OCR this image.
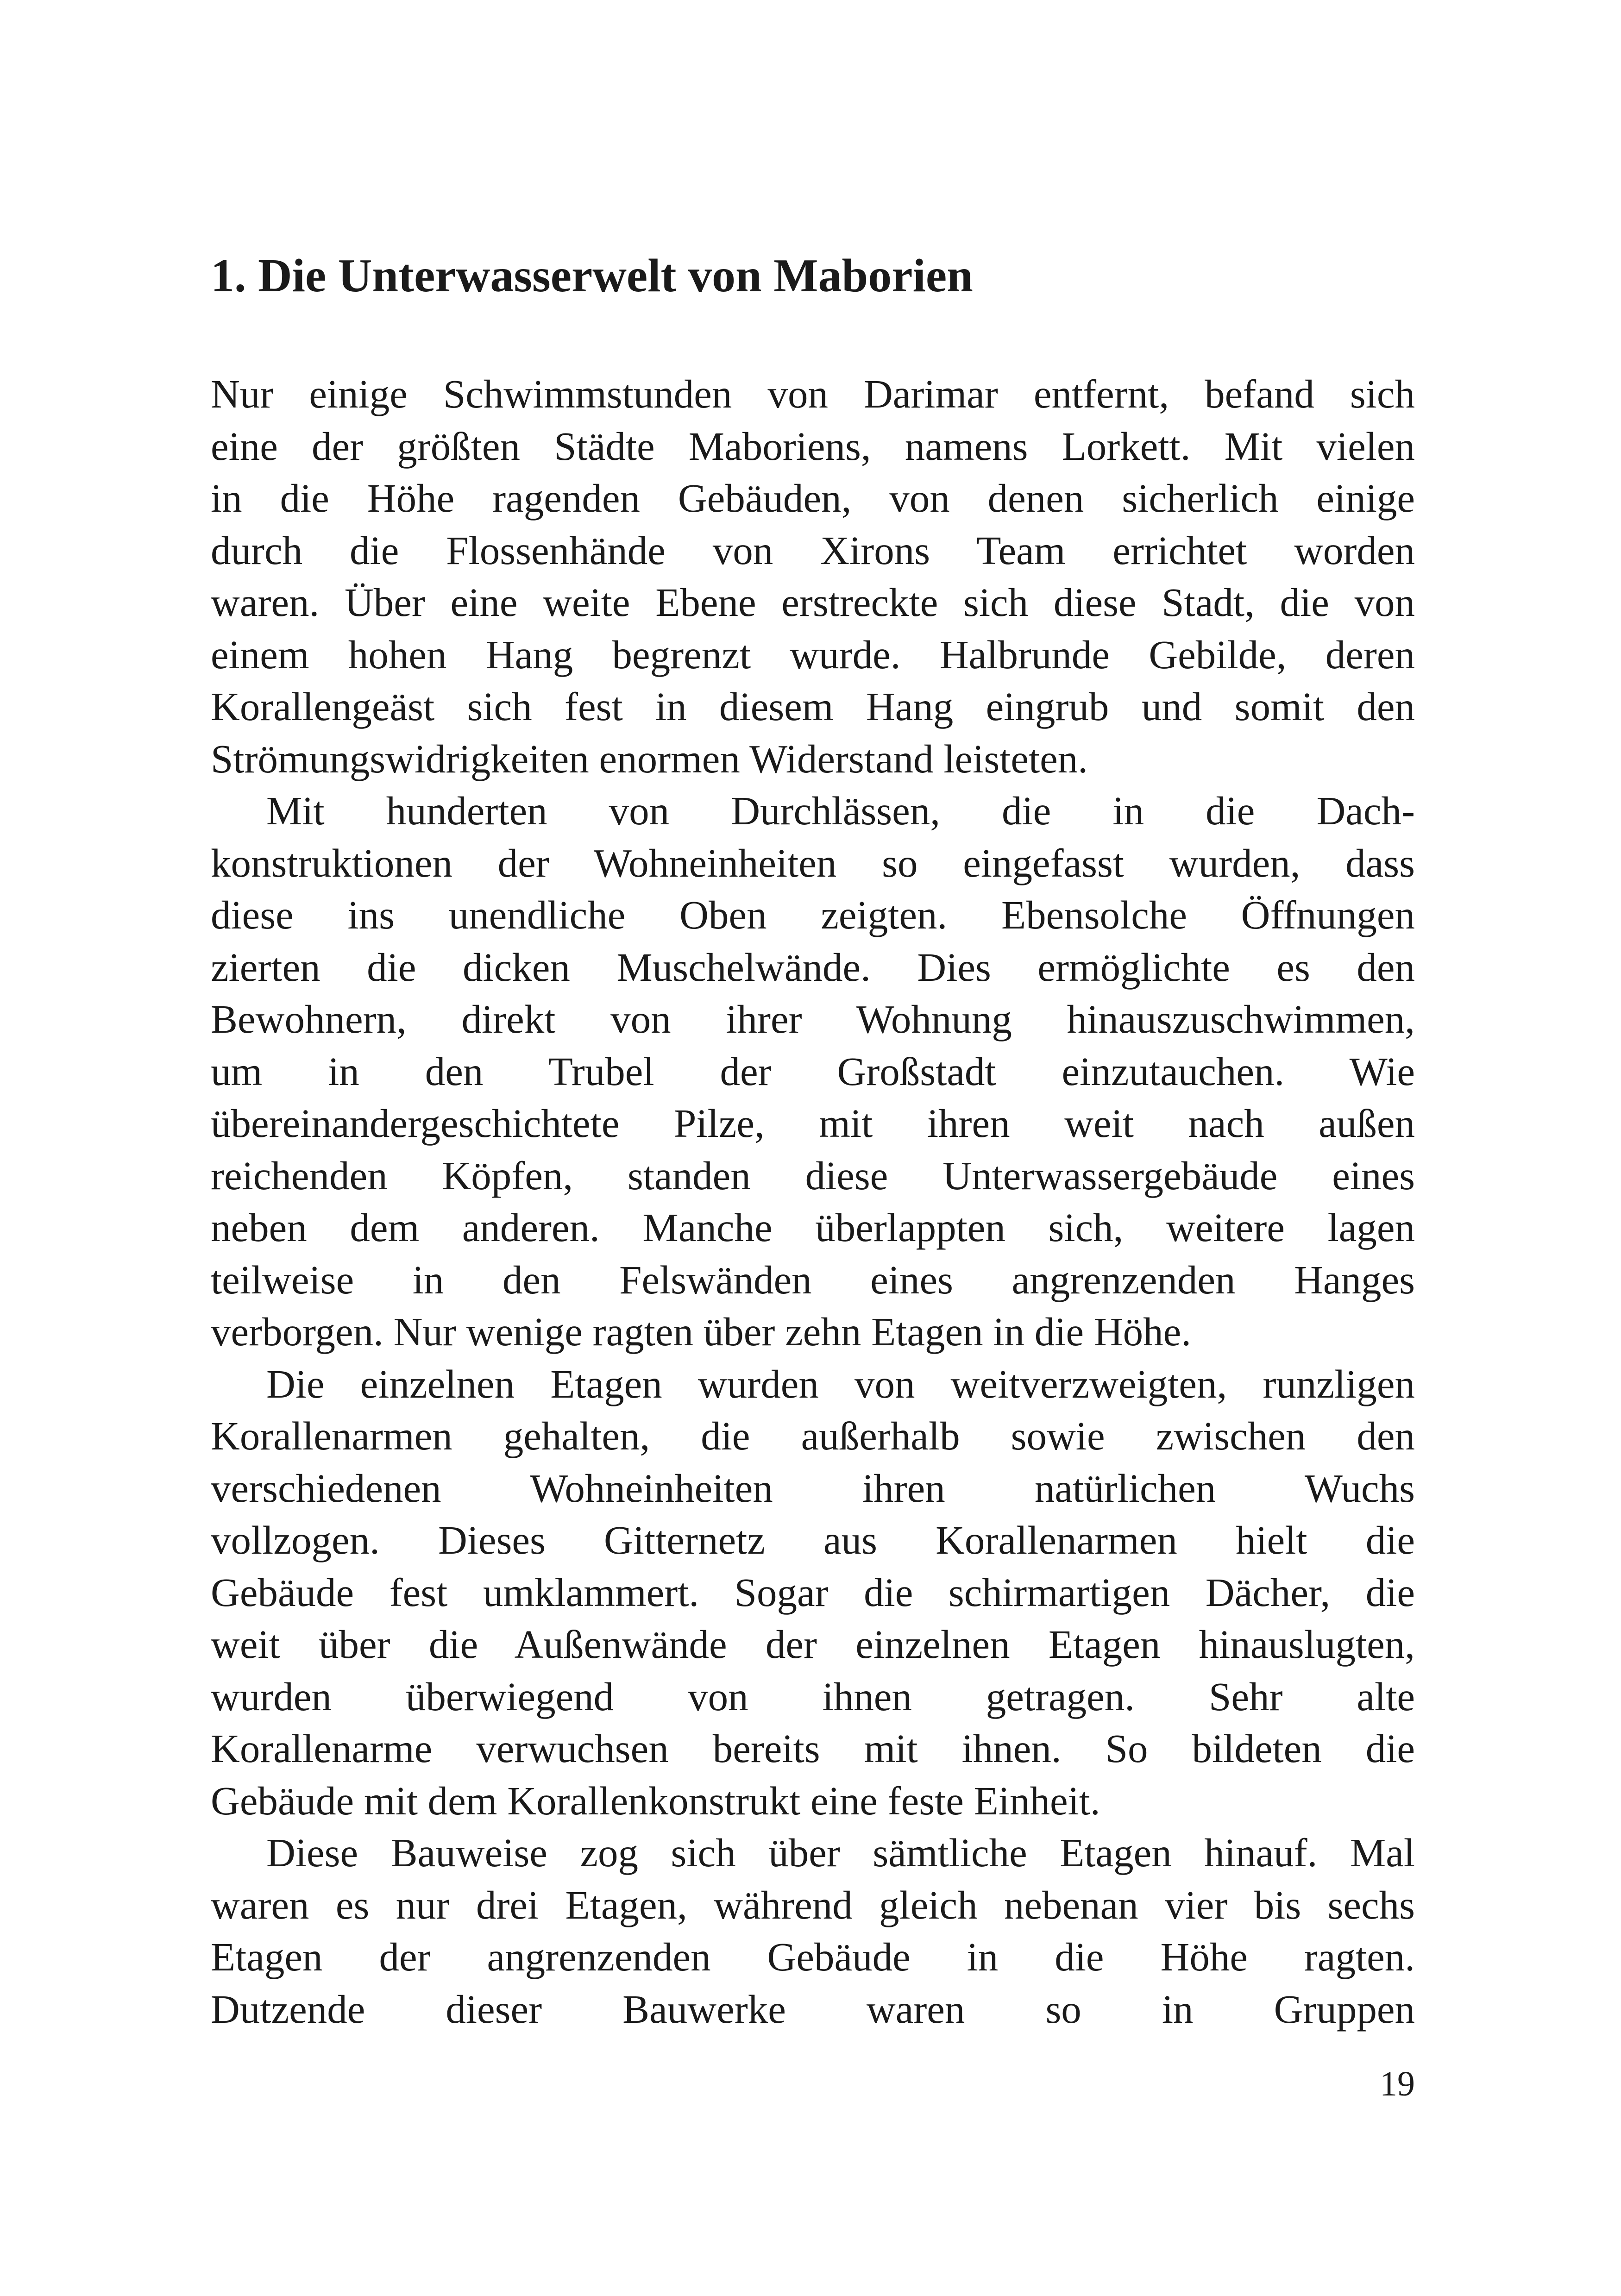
1. Die Unterwasserwelt von Maborien

Nur einige Schwimmstunden von Darimar entfernt, befand sich
eine der größten Städte Maboriens, namens Lorkett. Mit vielen
in die Höhe ragenden Gebäuden, von denen sicherlich einige
durch die Flossenhände von Xirons Team errichtet worden
waren. Über eine weite Ebene erstreckte sich diese Stadt, die von
einem hohen Hang begrenzt wurde. Halbrunde Gebilde, deren
Korallengeäst sich fest in diesem Hang eingrub und somit den
Strömungswidrigkeiten enormen Widerstand leisteten.

Mit hunderten von Durchlässen, die in die Dach-
konstruktionen der Wohneinheiten so eingefasst wurden, dass
diese ins unendliche Oben zeigten. Ebensolche Öffnungen
zierten die dicken Muschelwände. Dies ermöglichte es den
Bewohnern, direkt von ihrer Wohnung hinauszuschwimmen,
um in den Trubel der Großstadt einzutauchen. Wie
übereinandergeschichtete Pilze, mit ihren weit nach außen
reichenden Köpfen, standen diese Unterwassergebäude eines
neben dem anderen. Manche überlappten sich, weitere lagen
teilweise in den Felswänden eines angrenzenden Hanges
verborgen. Nur wenige ragten über zehn Etagen in die Höhe.

Die einzelnen Etagen wurden von weitverzweigten, runzligen
Korallenarmen gehalten, die außerhalb sowie zwischen den
verschiedenen Wohneinheiten ihren natürlichen Wuchs
vollzogen. Dieses Gitternetz aus Korallenarmen hielt die
Gebäude fest umklammert. Sogar die schirmartigen Dächer, die
weit über die Außenwände der einzelnen Etagen hinauslugten,
wurden überwiegend von ihnen getragen. Sehr alte
Korallenarme verwuchsen bereits mit ihnen. So bildeten die
Gebäude mit dem Korallenkonstrukt eine feste Einheit.

Diese Bauweise zog sich über sämtliche Etagen hinauf. Mal
waren es nur drei Etagen, während gleich nebenan vier bis sechs
Etagen der angrenzenden Gebäude in die Höhe ragten.
Dutzende dieser Bauwerke waren so in Gruppen

19
